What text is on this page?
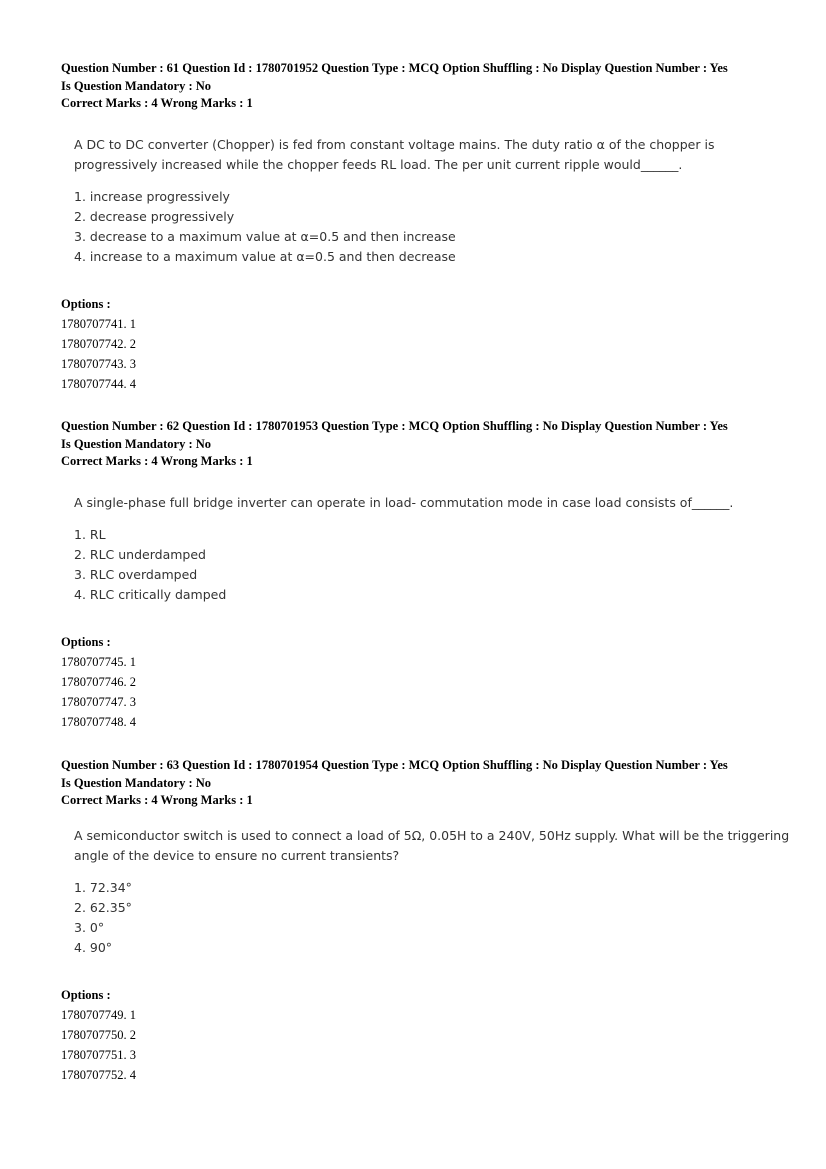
Question Number : 61 Question Id : 1780701952 Question Type : MCQ Option Shuffling : No Display Question Number : Yes
Is Question Mandatory : No
Correct Marks : 4 Wrong Marks : 1
A DC to DC converter (Chopper) is fed from constant voltage mains. The duty ratio α of the chopper is progressively increased while the chopper feeds RL load. The per unit current ripple would______.
1. increase progressively
2. decrease progressively
3. decrease to a maximum value at α=0.5 and then increase
4. increase to a maximum value at α=0.5 and then decrease
Options :
1780707741. 1
1780707742. 2
1780707743. 3
1780707744. 4
Question Number : 62 Question Id : 1780701953 Question Type : MCQ Option Shuffling : No Display Question Number : Yes
Is Question Mandatory : No
Correct Marks : 4 Wrong Marks : 1
A single-phase full bridge inverter can operate in load- commutation mode in case load consists of______.
1. RL
2. RLC underdamped
3. RLC overdamped
4. RLC critically damped
Options :
1780707745. 1
1780707746. 2
1780707747. 3
1780707748. 4
Question Number : 63 Question Id : 1780701954 Question Type : MCQ Option Shuffling : No Display Question Number : Yes
Is Question Mandatory : No
Correct Marks : 4 Wrong Marks : 1
A semiconductor switch is used to connect a load of 5Ω, 0.05H to a 240V, 50Hz supply. What will be the triggering angle of the device to ensure no current transients?
1. 72.34°
2. 62.35°
3. 0°
4. 90°
Options :
1780707749. 1
1780707750. 2
1780707751. 3
1780707752. 4
